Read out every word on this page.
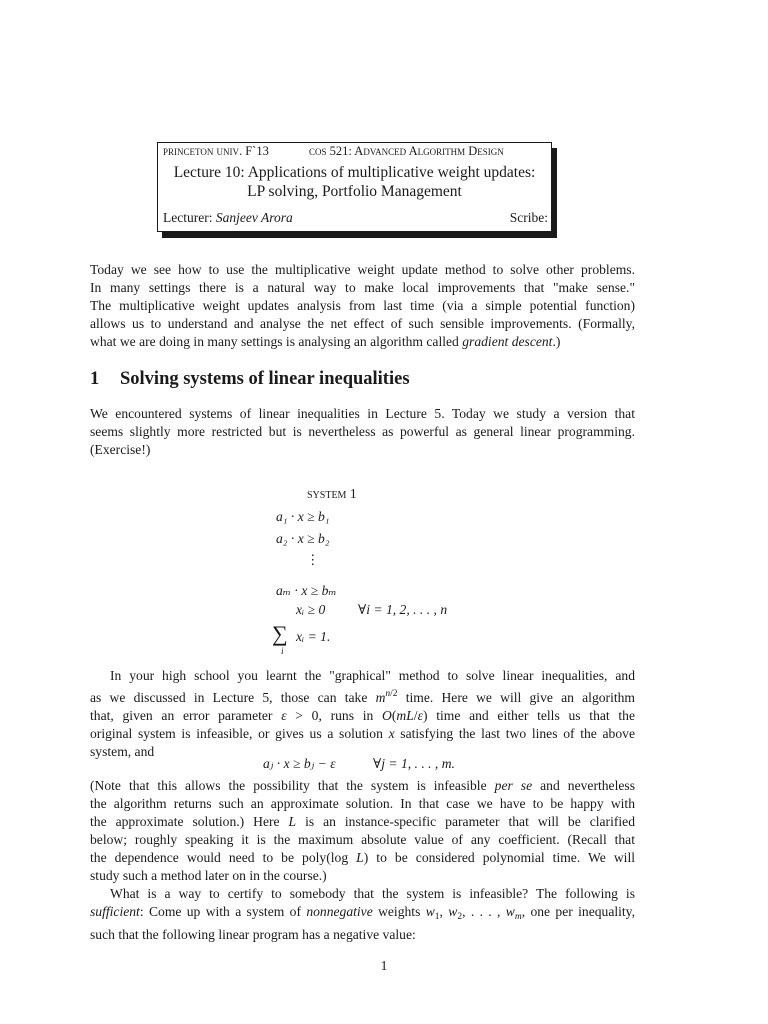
princeton univ. F`13	cos 521: Advanced Algorithm Design
Lecture 10: Applications of multiplicative weight updates:
LP solving, Portfolio Management
Lecturer: Sanjeev Arora	Scribe:
Today we see how to use the multiplicative weight update method to solve other problems.
In many settings there is a natural way to make local improvements that "make sense."
The multiplicative weight updates analysis from last time (via a simple potential function)
allows us to understand and analyse the net effect of such sensible improvements. (Formally,
what we are doing in many settings is analysing an algorithm called gradient descent.)
1 Solving systems of linear inequalities
We encountered systems of linear inequalities in Lecture 5. Today we study a version that
seems slightly more restricted but is nevertheless as powerful as general linear programming.
(Exercise!)
system 1
a₁ · x ≥ b₁
a₂ · x ≥ b₂
⋮
aₘ · x ≥ bₘ
xᵢ ≥ 0 ∀i = 1, 2, . . . , n
∑
i
xᵢ = 1.
In your high school you learnt the "graphical" method to solve linear inequalities, and
as we discussed in Lecture 5, those can take $m^{n/2}$ time. Here we will give an algorithm
that, given an error parameter ε > 0, runs in O(mL/ε) time and either tells us that the
original system is infeasible, or gives us a solution x satisfying the last two lines of the above
system, and
aⱼ · x ≥ bⱼ − ε	∀j = 1, . . . , m.
(Note that this allows the possibility that the system is infeasible per se and nevertheless
the algorithm returns such an approximate solution. In that case we have to be happy with
the approximate solution.) Here L is an instance-specific parameter that will be clarified
below; roughly speaking it is the maximum absolute value of any coefficient. (Recall that
the dependence would need to be poly(log L) to be considered polynomial time. We will
study such a method later on in the course.)
What is a way to certify to somebody that the system is infeasible? The following is
sufficient: Come up with a system of nonnegative weights $w_1$, $w_2$, . . . , $w_m$, one per inequality,
such that the following linear program has a negative value:
1
